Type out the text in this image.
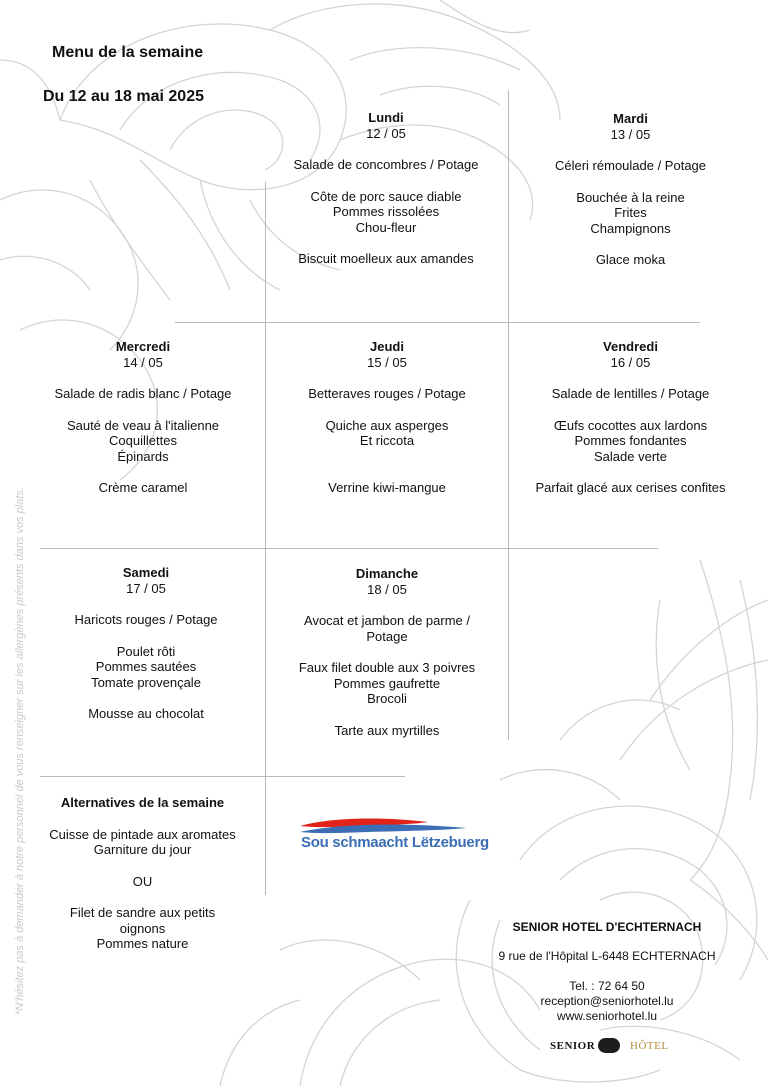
Menu de la semaine
Du 12 au 18 mai 2025
*N'hésitez pas à demander à notre personnel de vous renseigner sur les allergènes présents dans vos plats.
Lundi
12 / 05
Salade de concombres / Potage
Côte de porc sauce diable
Pommes rissolées
Chou-fleur
Biscuit moelleux aux amandes
Mardi
13 / 05
Céleri rémoulade / Potage
Bouchée à la reine
Frites
Champignons
Glace moka
Mercredi
14 / 05
Salade de radis blanc / Potage
Sauté de veau à l'italienne
Coquillettes
Épinards
Crème caramel
Jeudi
15 / 05
Betteraves rouges / Potage
Quiche aux asperges
Et riccota
Verrine kiwi-mangue
Vendredi
16 / 05
Salade de lentilles / Potage
Œufs cocottes aux lardons
Pommes fondantes
Salade verte
Parfait glacé aux cerises confites
Samedi
17 / 05
Haricots rouges / Potage
Poulet rôti
Pommes sautées
Tomate provençale
Mousse au chocolat
Dimanche
18 / 05
Avocat et jambon de parme / Potage
Faux filet double aux 3 poivres
Pommes gaufrette
Brocoli
Tarte aux myrtilles
Alternatives de la semaine
Cuisse de pintade aux aromates
Garniture du jour
OU
Filet de sandre aux petits oignons
Pommes nature
Sou schmaacht Lëtzebuerg
SENIOR HOTEL D'ECHTERNACH
9 rue de l'Hôpital L-6448 ECHTERNACH
Tel. : 72 64 50
reception@seniorhotel.lu
www.seniorhotel.lu
SENIOR	HÔTEL
